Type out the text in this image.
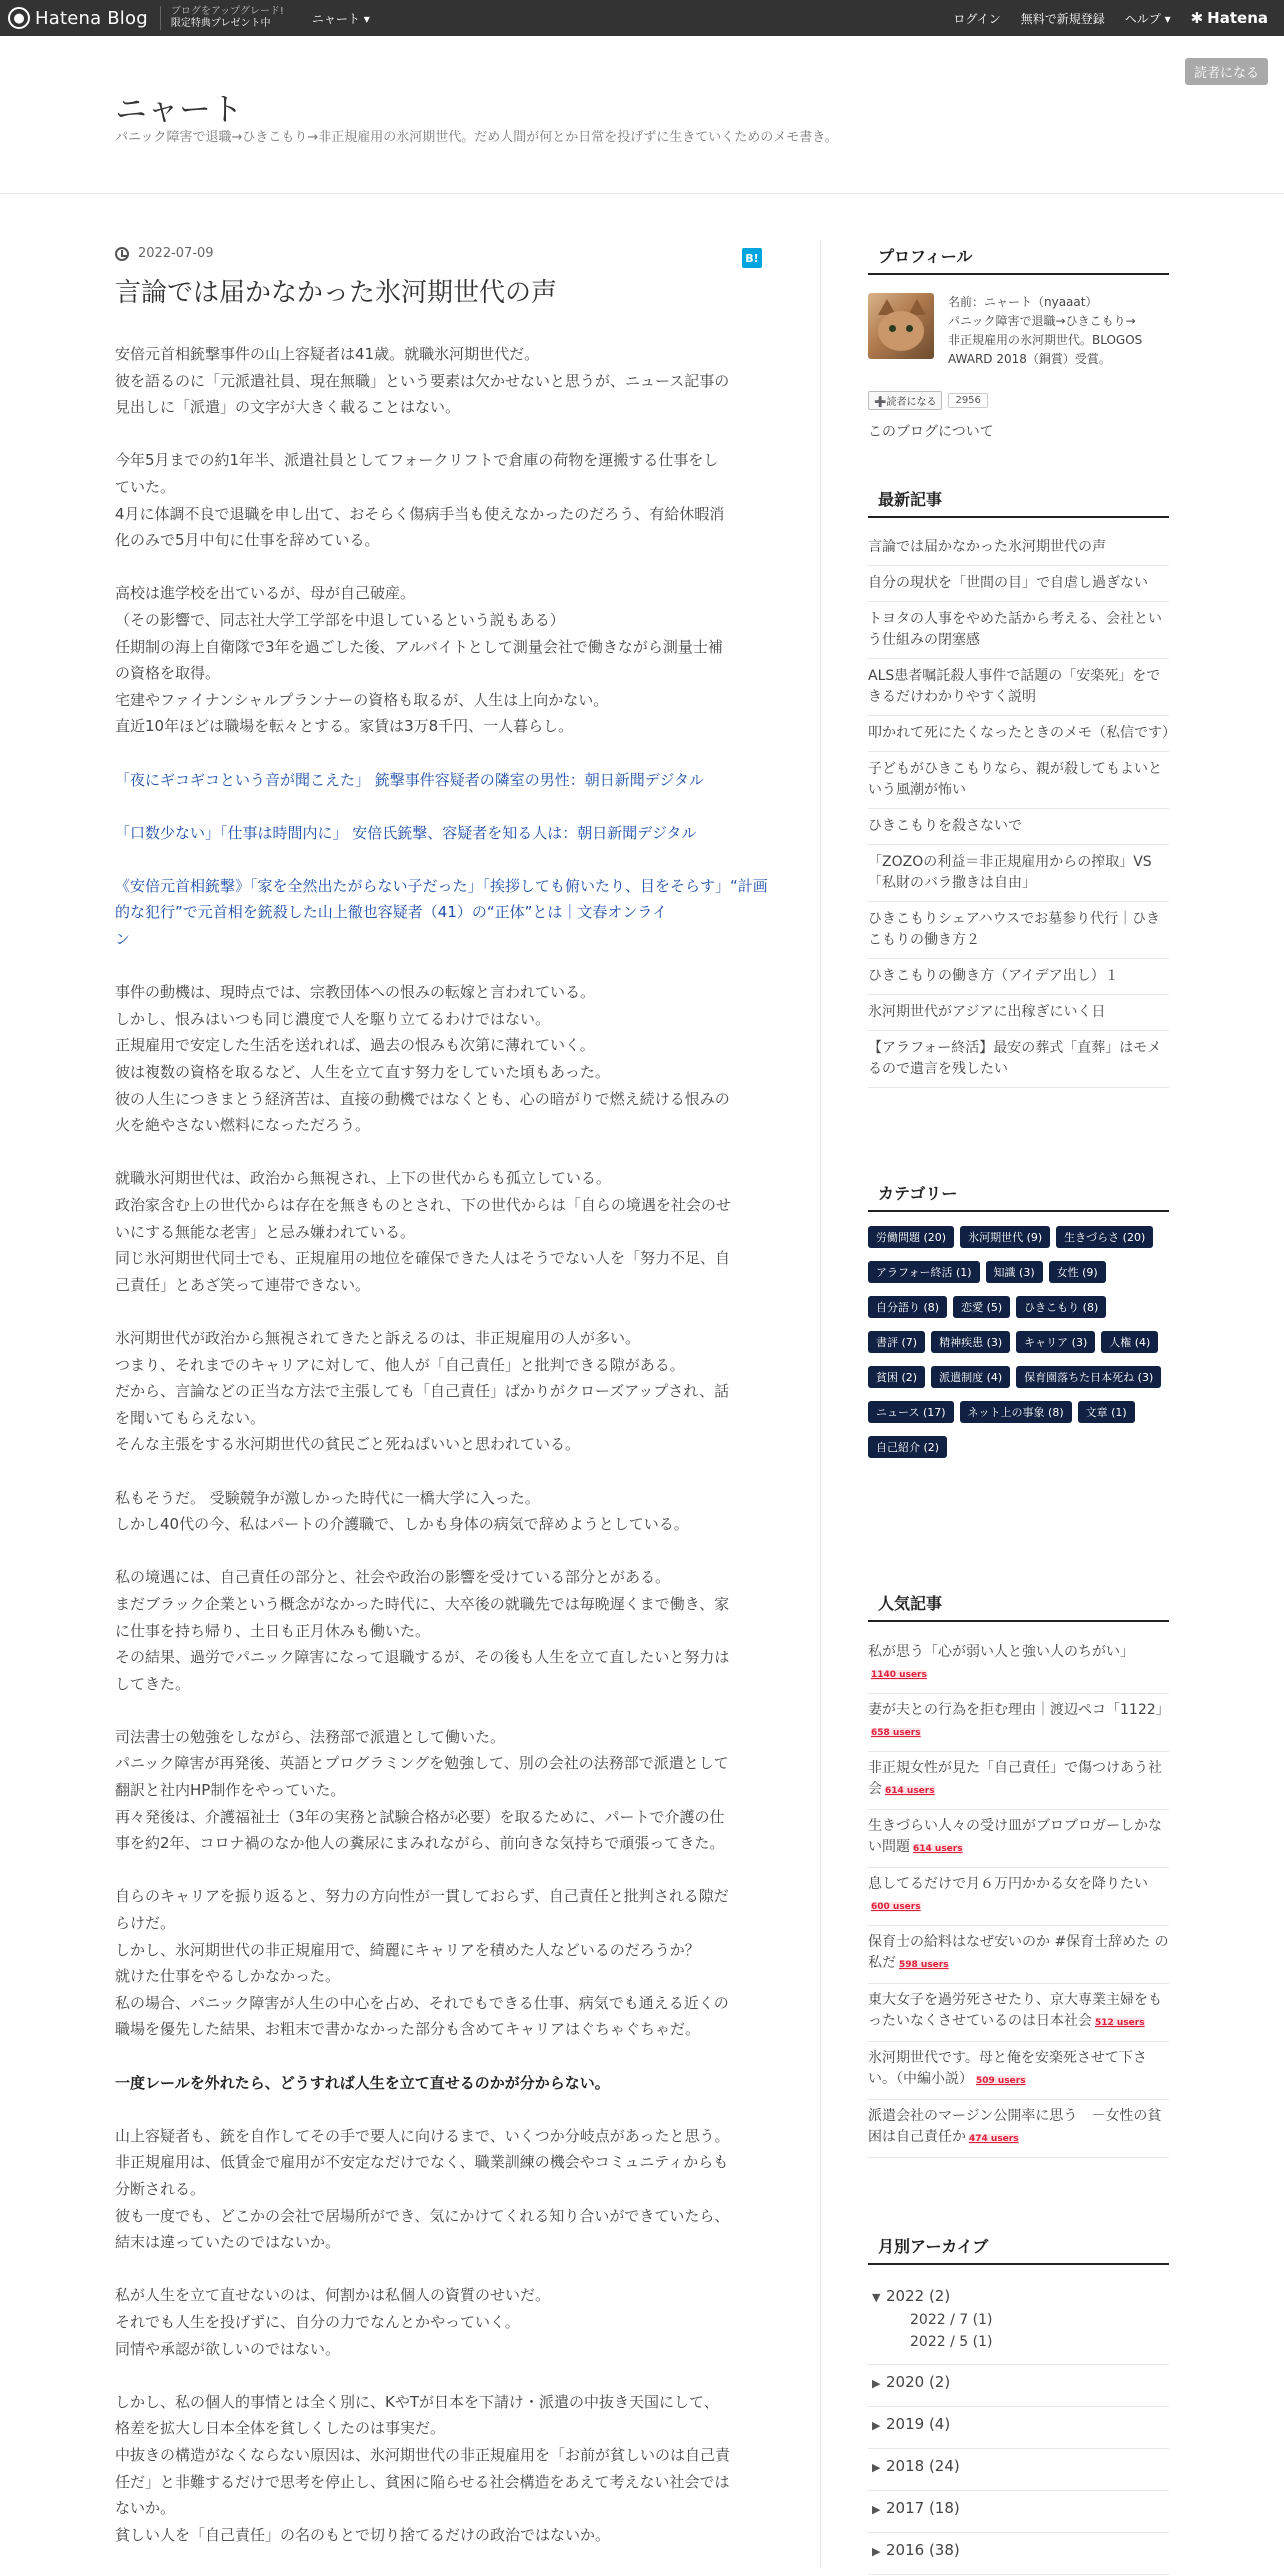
● Hatena Blog ブログをアップグレード!
限定特典プレゼント中	ニャート ▾	ログイン 無料で新規登録 ヘルプ ▾ ✱ Hatena
読者になる
ニャート
パニック障害で退職→ひきこもり→非正規雇用の氷河期世代。だめ人間が何とか日常を投げずに生きていくためのメモ書き。
2022-07-09	B!
言論では届かなかった氷河期世代の声

安倍元首相銃撃事件の山上容疑者は41歳。就職氷河期世代だ。
彼を語るのに「元派遣社員、現在無職」という要素は欠かせないと思うが、ニュース記事の
見出しに「派遣」の文字が大きく載ることはない。

今年5月までの約1年半、派遣社員としてフォークリフトで倉庫の荷物を運搬する仕事をし
ていた。
4月に体調不良で退職を申し出て、おそらく傷病手当も使えなかったのだろう、有給休暇消
化のみで5月中旬に仕事を辞めている。

高校は進学校を出ているが、母が自己破産。
（その影響で、同志社大学工学部を中退しているという説もある）
任期制の海上自衛隊で3年を過ごした後、アルバイトとして測量会社で働きながら測量士補
の資格を取得。
宅建やファイナンシャルプランナーの資格も取るが、人生は上向かない。
直近10年ほどは職場を転々とする。家賃は3万8千円、一人暮らし。

「夜にギコギコという音が聞こえた」 銃撃事件容疑者の隣室の男性：朝日新聞デジタル

「口数少ない」「仕事は時間内に」 安倍氏銃撃、容疑者を知る人は：朝日新聞デジタル

《安倍元首相銃撃》「家を全然出たがらない子だった」「挨拶しても俯いたり、目をそらす」“計画的な犯行”で元首相を銃殺した山上徹也容疑者（41）の“正体”とは｜文春オンライ
ン

事件の動機は、現時点では、宗教団体への恨みの転嫁と言われている。
しかし、恨みはいつも同じ濃度で人を駆り立てるわけではない。
正規雇用で安定した生活を送れれば、過去の恨みも次第に薄れていく。
彼は複数の資格を取るなど、人生を立て直す努力をしていた頃もあった。
彼の人生につきまとう経済苦は、直接の動機ではなくとも、心の暗がりで燃え続ける恨みの
火を絶やさない燃料になっただろう。

就職氷河期世代は、政治から無視され、上下の世代からも孤立している。
政治家含む上の世代からは存在を無きものとされ、下の世代からは「自らの境遇を社会のせ
いにする無能な老害」と忌み嫌われている。
同じ氷河期世代同士でも、正規雇用の地位を確保できた人はそうでない人を「努力不足、自
己責任」とあざ笑って連帯できない。

氷河期世代が政治から無視されてきたと訴えるのは、非正規雇用の人が多い。
つまり、それまでのキャリアに対して、他人が「自己責任」と批判できる隙がある。
だから、言論などの正当な方法で主張しても「自己責任」ばかりがクローズアップされ、話
を聞いてもらえない。
そんな主張をする氷河期世代の貧民ごと死ねばいいと思われている。

私もそうだ。 受験競争が激しかった時代に一橋大学に入った。
しかし40代の今、私はパートの介護職で、しかも身体の病気で辞めようとしている。

私の境遇には、自己責任の部分と、社会や政治の影響を受けている部分とがある。
まだブラック企業という概念がなかった時代に、大卒後の就職先では毎晩遅くまで働き、家
に仕事を持ち帰り、土日も正月休みも働いた。
その結果、過労でパニック障害になって退職するが、その後も人生を立て直したいと努力は
してきた。

司法書士の勉強をしながら、法務部で派遣として働いた。
パニック障害が再発後、英語とプログラミングを勉強して、別の会社の法務部で派遣として
翻訳と社内HP制作をやっていた。
再々発後は、介護福祉士（3年の実務と試験合格が必要）を取るために、パートで介護の仕
事を約2年、コロナ禍のなか他人の糞尿にまみれながら、前向きな気持ちで頑張ってきた。

自らのキャリアを振り返ると、努力の方向性が一貫しておらず、自己責任と批判される隙だ
らけだ。
しかし、氷河期世代の非正規雇用で、綺麗にキャリアを積めた人などいるのだろうか？
就けた仕事をやるしかなかった。
私の場合、パニック障害が人生の中心を占め、それでもできる仕事、病気でも通える近くの
職場を優先した結果、お粗末で書かなかった部分も含めてキャリアはぐちゃぐちゃだ。

一度レールを外れたら、どうすれば人生を立て直せるのかが分からない。

山上容疑者も、銃を自作してその手で要人に向けるまで、いくつか分岐点があったと思う。
非正規雇用は、低賃金で雇用が不安定なだけでなく、職業訓練の機会やコミュニティからも
分断される。
彼も一度でも、どこかの会社で居場所ができ、気にかけてくれる知り合いができていたら、
結末は違っていたのではないか。

私が人生を立て直せないのは、何割かは私個人の資質のせいだ。
それでも人生を投げずに、自分の力でなんとかやっていく。
同情や承認が欲しいのではない。

しかし、私の個人的事情とは全く別に、KやTが日本を下請け・派遣の中抜き天国にして、
格差を拡大し日本全体を貧しくしたのは事実だ。
中抜きの構造がなくならない原因は、氷河期世代の非正規雇用を「お前が貧しいのは自己責
任だ」と非難するだけで思考を停止し、貧困に陥らせる社会構造をあえて考えない社会では
ないか。
貧しい人を「自己責任」の名のもとで切り捨てるだけの政治ではないか。

プロフィール
名前：ニャート（nyaaat）
パニック障害で退職→ひきこもり→
非正規雇用の氷河期世代。BLOGOS
AWARD 2018（銅賞）受賞。
➕読者になる	2956
このブログについて
最新記事
言論では届かなかった氷河期世代の声
自分の現状を「世間の目」で自虐し過ぎない
トヨタの人事をやめた話から考える、会社という仕組みの閉塞感
ALS患者嘱託殺人事件で話題の「安楽死」をできるだけわかりやすく説明
叩かれて死にたくなったときのメモ（私信です）
子どもがひきこもりなら、親が殺してもよいという風潮が怖い
ひきこもりを殺さないで
「ZOZOの利益＝非正規雇用からの搾取」VS「私財のバラ撒きは自由」
ひきこもりシェアハウスでお墓参り代行｜ひきこもりの働き方２
ひきこもりの働き方（アイデア出し）１
氷河期世代がアジアに出稼ぎにいく日
【アラフォー終活】最安の葬式「直葬」はモメるので遺言を残したい
カテゴリー
労働問題 (20)	氷河期世代 (9)	生きづらさ (20)
アラフォー終活 (1)	知識 (3)	女性 (9)
自分語り (8)	恋愛 (5)	ひきこもり (8)
書評 (7)	精神疾患 (3)	キャリア (3)	人権 (4)
貧困 (2)	派遣制度 (4)	保育園落ちた日本死ね (3)
ニュース (17)	ネット上の事象 (8)	文章 (1)
自己紹介 (2)
人気記事
私が思う「心が弱い人と強い人のちがい」1140 users
妻が夫との行為を拒む理由｜渡辺ペコ「1122」658 users
非正規女性が見た「自己責任」で傷つけあう社会 614 users
生きづらい人々の受け皿がブロブロガーしかない問題 614 users
息してるだけで月６万円かかる女を降りたい600 users
保育士の給料はなぜ安いのか #保育士辞めた の私だ 598 users
東大女子を過労死させたり、京大専業主婦をもったいなくさせているのは日本社会 512 users
氷河期世代です。母と俺を安楽死させて下さい。（中編小説） 509 users
派遣会社のマージン公開率に思う　－女性の貧困は自己責任か 474 users
月別アーカイブ
▼ 2022 (2)
2022 / 7 (1)
2022 / 5 (1)
▶ 2020 (2)
▶ 2019 (4)
▶ 2018 (24)
▶ 2017 (18)
▶ 2016 (38)
